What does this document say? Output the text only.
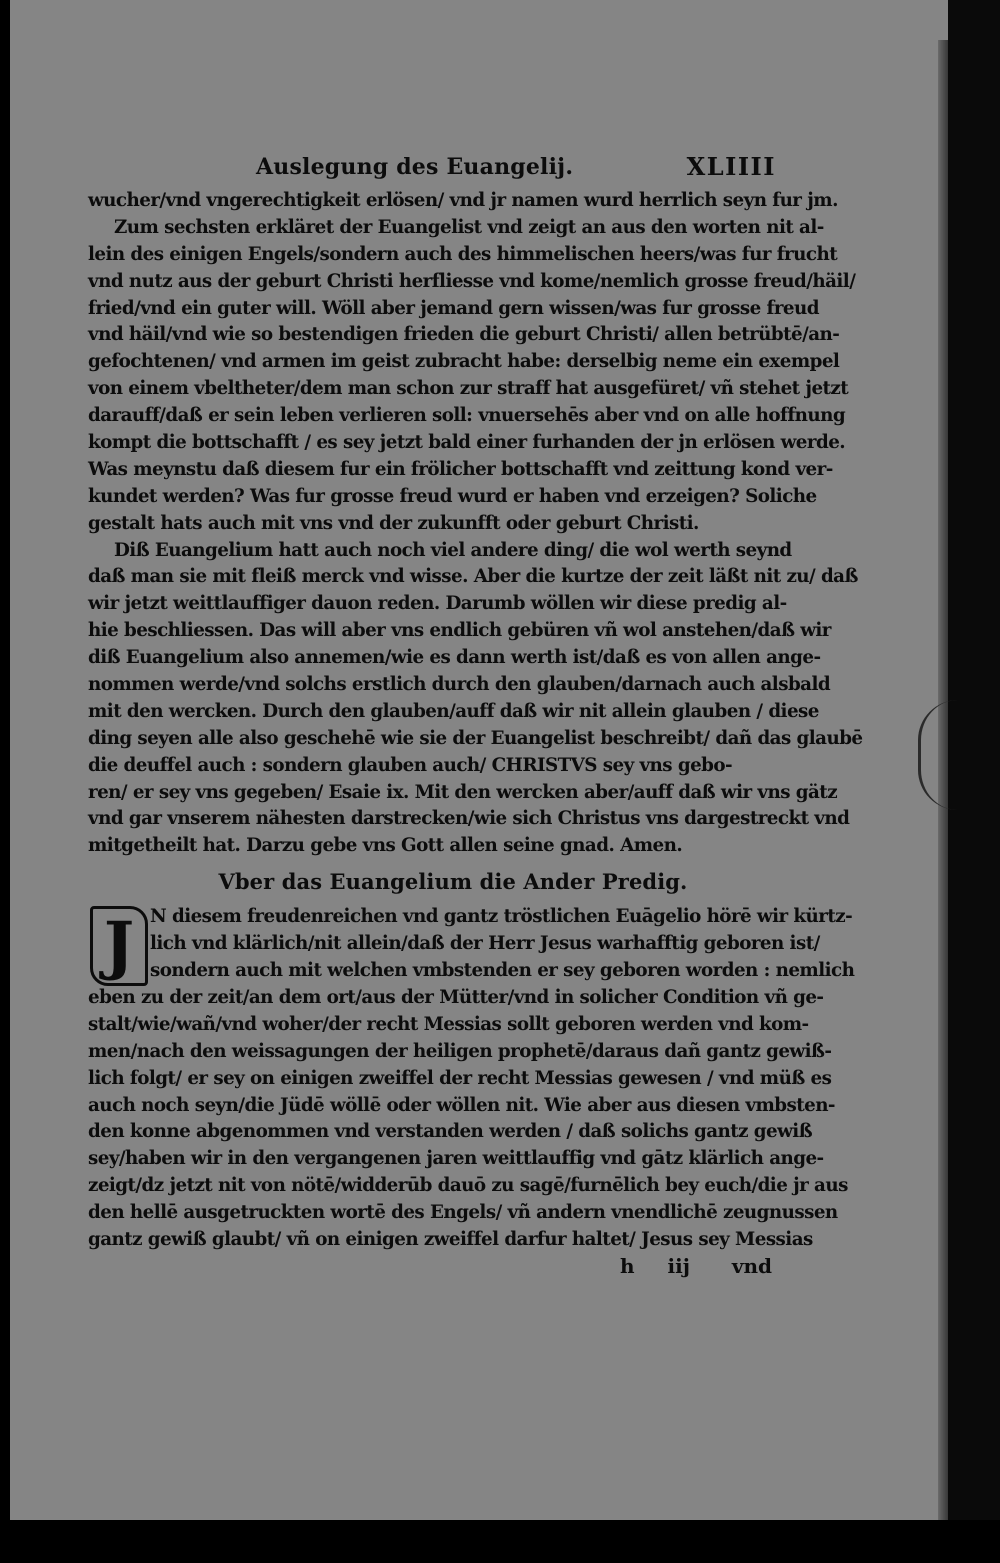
Auslegung des Euangelij.	XLIIII
wucher/vnd vngerechtigkeit erlösen/ vnd jr namen wurd herrlich seyn fur jm.
Zum sechsten erkläret der Euangelist vnd zeigt an aus den worten nit al-
lein des einigen Engels/sondern auch des himmelischen heers/was fur frucht
vnd nutz aus der geburt Christi herfliesse vnd kome/nemlich grosse freud/häil/
fried/vnd ein guter will. Wöll aber jemand gern wissen/was fur grosse freud
vnd häil/vnd wie so bestendigen frieden die geburt Christi/ allen betrübtē/an-
gefochtenen/ vnd armen im geist zubracht habe: derselbig neme ein exempel
von einem vbeltheter/dem man schon zur straff hat ausgefüret/ vñ stehet jetzt
darauff/daß er sein leben verlieren soll: vnuersehēs aber vnd on alle hoffnung
kompt die bottschafft / es sey jetzt bald einer furhanden der jn erlösen werde.
Was meynstu daß diesem fur ein frölicher bottschafft vnd zeittung kond ver-
kundet werden? Was fur grosse freud wurd er haben vnd erzeigen? Soliche
gestalt hats auch mit vns vnd der zukunfft oder geburt Christi.
Diß Euangelium hatt auch noch viel andere ding/ die wol werth seynd
daß man sie mit fleiß merck vnd wisse. Aber die kurtze der zeit läßt nit zu/ daß
wir jetzt weittlauffiger dauon reden. Darumb wöllen wir diese predig al-
hie beschliessen. Das will aber vns endlich gebüren vñ wol anstehen/daß wir
diß Euangelium also annemen/wie es dann werth ist/daß es von allen ange-
nommen werde/vnd solchs erstlich durch den glauben/darnach auch alsbald
mit den wercken. Durch den glauben/auff daß wir nit allein glauben / diese
ding seyen alle also geschehē wie sie der Euangelist beschreibt/ dañ das glaubē
die deuffel auch : sondern glauben auch/ CHRISTVS sey vns gebo-
ren/ er sey vns gegeben/ Esaie ix. Mit den wercken aber/auff daß wir vns gätz
vnd gar vnserem nähesten darstrecken/wie sich Christus vns dargestreckt vnd
mitgetheilt hat. Darzu gebe vns Gott allen seine gnad. Amen.
Vber das Euangelium die Ander Predig.
J N diesem freudenreichen vnd gantz tröstlichen Euāgelio hörē wir kürtz-
lich vnd klärlich/nit allein/daß der Herr Jesus warhafftig geboren ist/
sondern auch mit welchen vmbstenden er sey geboren worden : nemlich
eben zu der zeit/an dem ort/aus der Mütter/vnd in solicher Condition vñ ge-
stalt/wie/wañ/vnd woher/der recht Messias sollt geboren werden vnd kom-
men/nach den weissagungen der heiligen prophetē/daraus dañ gantz gewiß-
lich folgt/ er sey on einigen zweiffel der recht Messias gewesen / vnd müß es
auch noch seyn/die Jüdē wöllē oder wöllen nit. Wie aber aus diesen vmbsten-
den konne abgenommen vnd verstanden werden / daß solichs gantz gewiß
sey/haben wir in den vergangenen jaren weittlauffig vnd gātz klärlich ange-
zeigt/dz jetzt nit von nötē/widderūb dauō zu sagē/furnēlich bey euch/die jr aus
den hellē ausgetruckten wortē des Engels/ vñ andern vnendlichē zeugnussen
gantz gewiß glaubt/ vñ on einigen zweiffel darfur haltet/ Jesus sey Messias
h iij vnd
